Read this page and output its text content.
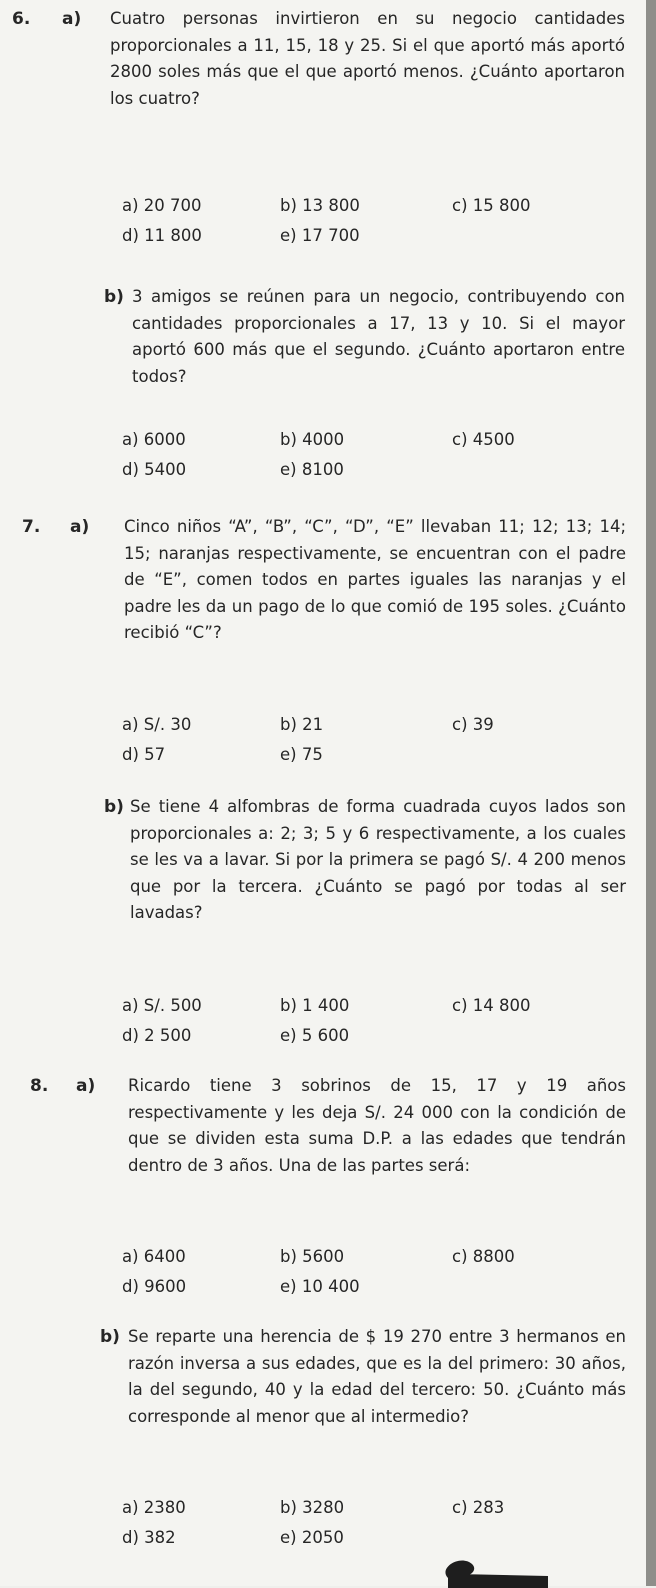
6. a) Cuatro personas invirtieron en su negocio cantidades proporcionales a 11, 15, 18 y 25. Si el que aportó más aportó 2800 soles más que el que aportó menos. ¿Cuánto aportaron los cuatro?
a) 20 700	b) 13 800	c) 15 800
d) 11 800	e) 17 700
b) 3 amigos se reúnen para un negocio, contribuyendo con cantidades proporcionales a 17, 13 y 10. Si el mayor aportó 600 más que el segundo. ¿Cuánto aportaron entre todos?
a) 6000	b) 4000	c) 4500
d) 5400	e) 8100
7. a) Cinco niños “A”, “B”, “C”, “D”, “E” llevaban 11; 12; 13; 14; 15; naranjas respectivamente, se encuentran con el padre de “E”, comen todos en partes iguales las naranjas y el padre les da un pago de lo que comió de 195 soles. ¿Cuánto recibió “C”?
a) S/. 30	b) 21	c) 39
d) 57	e) 75
b) Se tiene 4 alfombras de forma cuadrada cuyos lados son proporcionales a: 2; 3; 5 y 6 respectivamente, a los cuales se les va a lavar. Si por la primera se pagó S/. 4 200 menos que por la tercera. ¿Cuánto se pagó por todas al ser lavadas?
a) S/. 500	b) 1 400	c) 14 800
d) 2 500	e) 5 600
8. a) Ricardo tiene 3 sobrinos de 15, 17 y 19 años respectivamente y les deja S/. 24 000 con la condición de que se dividen esta suma D.P. a las edades que tendrán dentro de 3 años. Una de las partes será:
a) 6400	b) 5600	c) 8800
d) 9600	e) 10 400
b) Se reparte una herencia de $ 19 270 entre 3 hermanos en razón inversa a sus edades, que es la del primero: 30 años, la del segundo, 40 y la edad del tercero: 50. ¿Cuánto más corresponde al menor que al intermedio?
a) 2380	b) 3280	c) 283
d) 382	e) 2050
